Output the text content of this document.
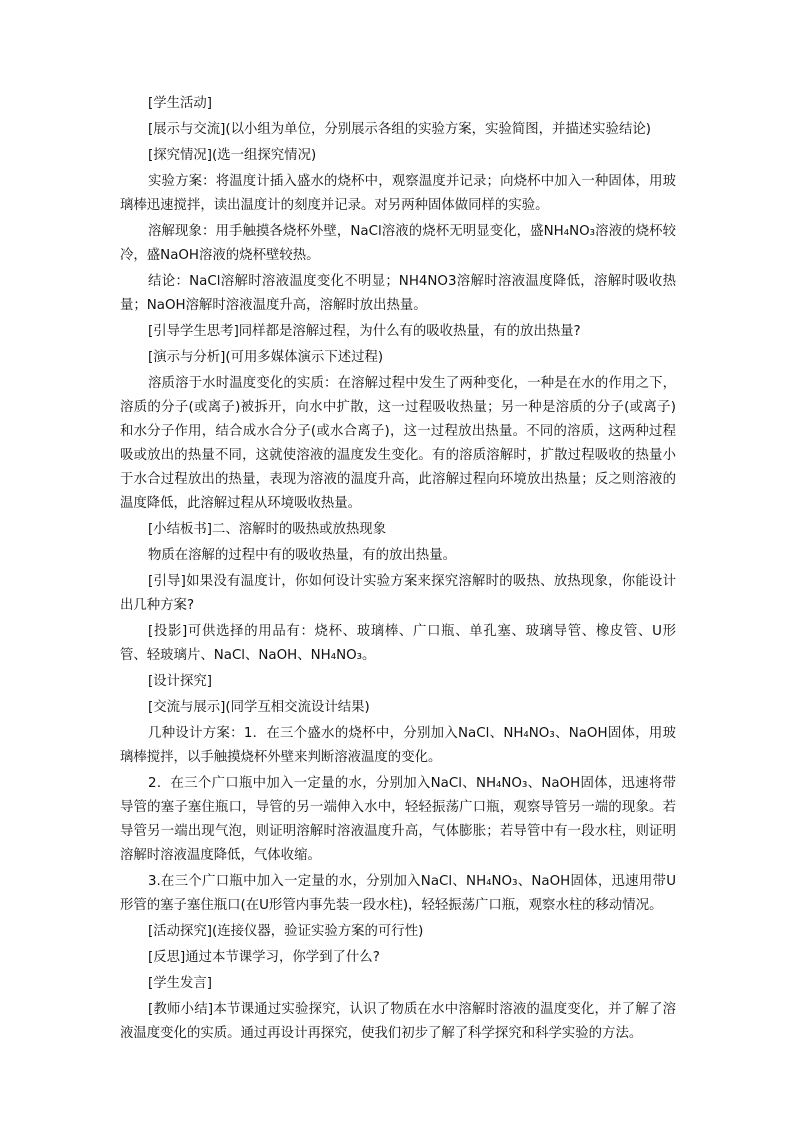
[学生活动]

[展示与交流](以小组为单位，分别展示各组的实验方案，实验简图，并描述实验结论)

[探究情况](选一组探究情况)

实验方案：将温度计插入盛水的烧杯中，观察温度并记录；向烧杯中加入一种固体，用玻璃棒迅速搅拌，读出温度计的刻度并记录。对另两种固体做同样的实验。

溶解现象：用手触摸各烧杯外壁，NaCl溶液的烧杯无明显变化，盛NH₄NO₃溶液的烧杯较冷，盛NaOH溶液的烧杯壁较热。

结论：NaCl溶解时溶液温度变化不明显；NH4NO3溶解时溶液温度降低，溶解时吸收热量；NaOH溶解时溶液温度升高，溶解时放出热量。

[引导学生思考]同样都是溶解过程，为什么有的吸收热量，有的放出热量?

[演示与分析](可用多媒体演示下述过程)

溶质溶于水时温度变化的实质：在溶解过程中发生了两种变化，一种是在水的作用之下，溶质的分子(或离子)被拆开，向水中扩散，这一过程吸收热量；另一种是溶质的分子(或离子)和水分子作用，结合成水合分子(或水合离子)，这一过程放出热量。不同的溶质，这两种过程吸或放出的热量不同，这就使溶液的温度发生变化。有的溶质溶解时，扩散过程吸收的热量小于水合过程放出的热量，表现为溶液的温度升高，此溶解过程向环境放出热量；反之则溶液的温度降低，此溶解过程从环境吸收热量。

[小结板书]二、溶解时的吸热或放热现象

物质在溶解的过程中有的吸收热量，有的放出热量。

[引导]如果没有温度计，你如何设计实验方案来探究溶解时的吸热、放热现象，你能设计出几种方案?

[投影]可供选择的用品有：烧杯、玻璃棒、广口瓶、单孔塞、玻璃导管、橡皮管、U形管、轻玻璃片、NaCl、NaOH、NH₄NO₃。

[设计探究]

[交流与展示](同学互相交流设计结果)

几种设计方案：1．在三个盛水的烧杯中，分别加入NaCl、NH₄NO₃、NaOH固体，用玻璃棒搅拌，以手触摸烧杯外壁来判断溶液温度的变化。

2．在三个广口瓶中加入一定量的水，分别加入NaCl、NH₄NO₃、NaOH固体，迅速将带导管的塞子塞住瓶口，导管的另一端伸入水中，轻轻振荡广口瓶，观察导管另一端的现象。若导管另一端出现气泡，则证明溶解时溶液温度升高，气体膨胀；若导管中有一段水柱，则证明溶解时溶液温度降低，气体收缩。

3.在三个广口瓶中加入一定量的水，分别加入NaCl、NH₄NO₃、NaOH固体，迅速用带U形管的塞子塞住瓶口(在U形管内事先装一段水柱)，轻轻振荡广口瓶，观察水柱的移动情况。

[活动探究](连接仪器，验证实验方案的可行性)

[反思]通过本节课学习，你学到了什么?

[学生发言]

[教师小结]本节课通过实验探究，认识了物质在水中溶解时溶液的温度变化，并了解了溶液温度变化的实质。通过再设计再探究，使我们初步了解了科学探究和科学实验的方法。
